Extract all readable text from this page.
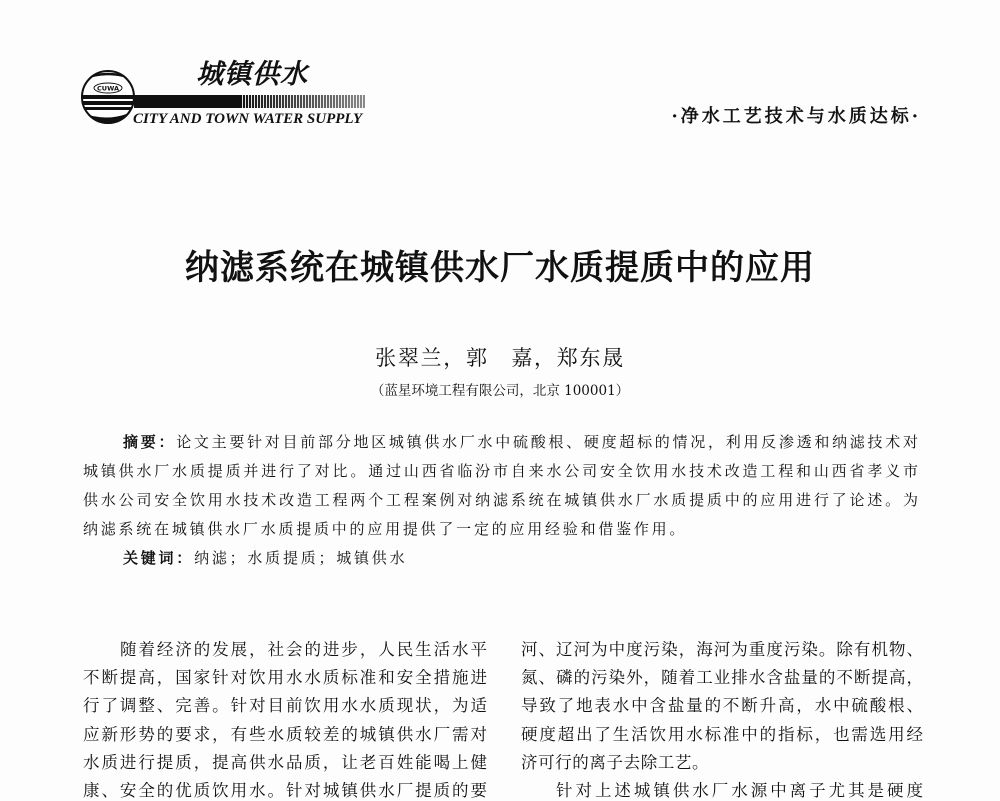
CUWA	城镇供水
CITY AND TOWN WATER SUPPLY	·净水工艺技术与水质达标·
纳滤系统在城镇供水厂水质提质中的应用
张翠兰，郭　嘉，郑东晟
（蓝星环境工程有限公司，北京 100001）
摘要：论文主要针对目前部分地区城镇供水厂水中硫酸根、硬度超标的情况，利用反渗透和纳滤技术对
城镇供水厂水质提质并进行了对比。通过山西省临汾市自来水公司安全饮用水技术改造工程和山西省孝义市
供水公司安全饮用水技术改造工程两个工程案例对纳滤系统在城镇供水厂水质提质中的应用进行了论述。为
纳滤系统在城镇供水厂水质提质中的应用提供了一定的应用经验和借鉴作用。
关键词：纳滤；水质提质；城镇供水
随着经济的发展，社会的进步，人民生活水平
不断提高，国家针对饮用水水质标准和安全措施进
行了调整、完善。针对目前饮用水水质现状，为适
应新形势的要求，有些水质较差的城镇供水厂需对
水质进行提质，提高供水品质，让老百姓能喝上健
康、安全的优质饮用水。针对城镇供水厂提质的要
河、辽河为中度污染，海河为重度污染。除有机物、
氮、磷的污染外，随着工业排水含盐量的不断提高，
导致了地表水中含盐量的不断升高，水中硫酸根、
硬度超出了生活饮用水标准中的指标，也需选用经
济可行的离子去除工艺。
针对上述城镇供水厂水源中离子尤其是硬度
